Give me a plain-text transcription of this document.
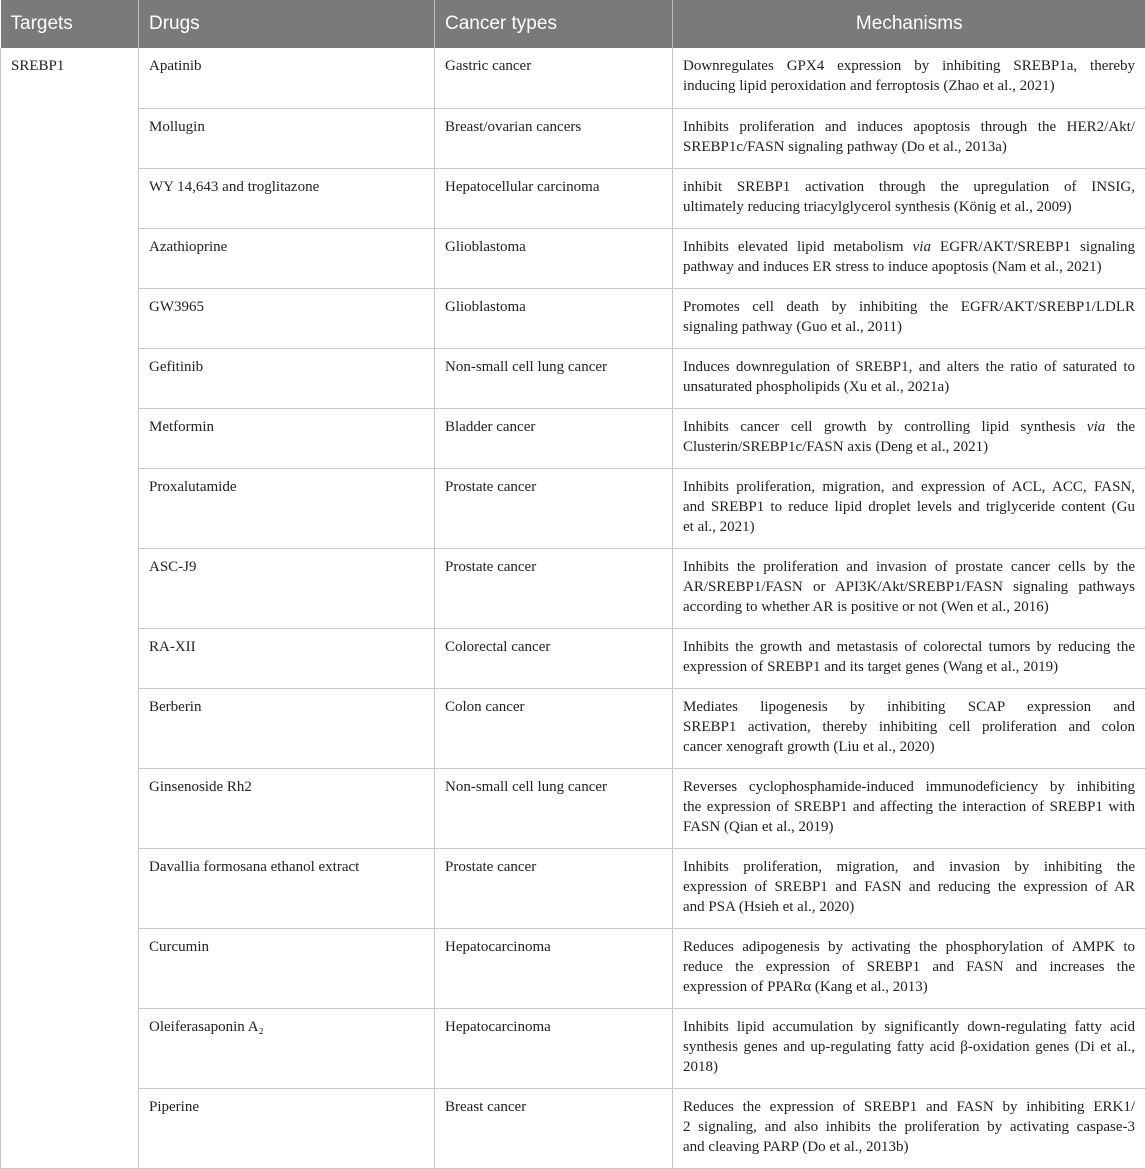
Targets	Drugs	Cancer types	Mechanisms
SREBP1	Apatinib	Gastric cancer	Downregulates GPX4 expression by inhibiting SREBP1a, thereby
inducing lipid peroxidation and ferroptosis (Zhao et al., 2021)

	Mollugin	Breast/ovarian cancers	Inhibits proliferation and induces apoptosis through the HER2/Akt/
SREBP1c/FASN signaling pathway (Do et al., 2013a)

	WY 14,643 and troglitazone	Hepatocellular carcinoma	inhibit SREBP1 activation through the upregulation of INSIG,
ultimately reducing triacylglycerol synthesis (König et al., 2009)

	Azathioprine	Glioblastoma	Inhibits elevated lipid metabolism via EGFR/AKT/SREBP1 signaling
pathway and induces ER stress to induce apoptosis (Nam et al., 2021)

	GW3965	Glioblastoma	Promotes cell death by inhibiting the EGFR/AKT/SREBP1/LDLR
signaling pathway (Guo et al., 2011)

	Gefitinib	Non-small cell lung cancer	Induces downregulation of SREBP1, and alters the ratio of saturated to
unsaturated phospholipids (Xu et al., 2021a)

	Metformin	Bladder cancer	Inhibits cancer cell growth by controlling lipid synthesis via the
Clusterin/SREBP1c/FASN axis (Deng et al., 2021)

	Proxalutamide	Prostate cancer	Inhibits proliferation, migration, and expression of ACL, ACC, FASN,
and SREBP1 to reduce lipid droplet levels and triglyceride content (Gu
et al., 2021)

	ASC-J9	Prostate cancer	Inhibits the proliferation and invasion of prostate cancer cells by the
AR/SREBP1/FASN or API3K/Akt/SREBP1/FASN signaling pathways
according to whether AR is positive or not (Wen et al., 2016)

	RA-XII	Colorectal cancer	Inhibits the growth and metastasis of colorectal tumors by reducing the
expression of SREBP1 and its target genes (Wang et al., 2019)

	Berberin	Colon cancer	Mediates lipogenesis by inhibiting SCAP expression and
SREBP1 activation, thereby inhibiting cell proliferation and colon
cancer xenograft growth (Liu et al., 2020)

	Ginsenoside Rh2	Non-small cell lung cancer	Reverses cyclophosphamide-induced immunodeficiency by inhibiting
the expression of SREBP1 and affecting the interaction of SREBP1 with
FASN (Qian et al., 2019)

	Davallia formosana ethanol extract	Prostate cancer	Inhibits proliferation, migration, and invasion by inhibiting the
expression of SREBP1 and FASN and reducing the expression of AR
and PSA (Hsieh et al., 2020)

	Curcumin	Hepatocarcinoma	Reduces adipogenesis by activating the phosphorylation of AMPK to
reduce the expression of SREBP1 and FASN and increases the
expression of PPARα (Kang et al., 2013)

	Oleiferasaponin A₂	Hepatocarcinoma	Inhibits lipid accumulation by significantly down-regulating fatty acid
synthesis genes and up-regulating fatty acid β-oxidation genes (Di et al.,
2018)

	Piperine	Breast cancer	Reduces the expression of SREBP1 and FASN by inhibiting ERK1/
2 signaling, and also inhibits the proliferation by activating caspase-3
and cleaving PARP (Do et al., 2013b)
